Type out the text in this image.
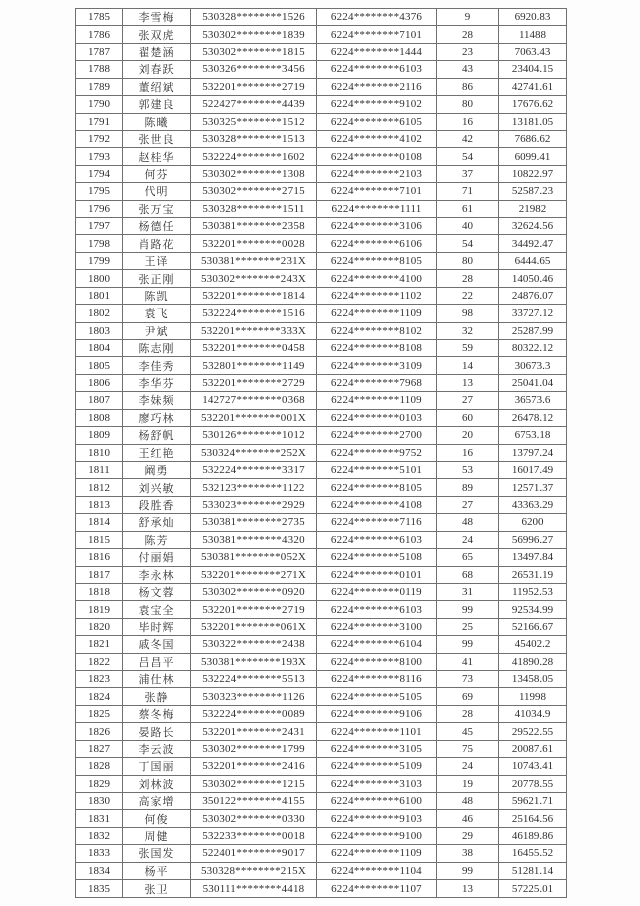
1785	李雪梅	530328********1526	6224********4376	9	6920.83
1786	张双虎	530302********1839	6224********7101	28	11488
1787	翟楚涵	530302********1815	6224********1444	23	7063.43
1788	刘春跃	530326********3456	6224********6103	43	23404.15
1789	董绍斌	532201********2719	6224********2116	86	42741.61
1790	郭建良	522427********4439	6224********9102	80	17676.62
1791	陈曦	530325********1512	6224********6105	16	13181.05
1792	张世良	530328********1513	6224********4102	42	7686.62
1793	赵桂华	532224********1602	6224********0108	54	6099.41
1794	何芬	530302********1308	6224********2103	37	10822.97
1795	代明	530302********2715	6224********7101	71	52587.23
1796	张万宝	530328********1511	6224********1111	61	21982
1797	杨德任	530381********2358	6224********3106	40	32624.56
1798	肖路花	532201********0028	6224********6106	54	34492.47
1799	王译	530381********231X	6224********8105	80	6444.65
1800	张正刚	530302********243X	6224********4100	28	14050.46
1801	陈凯	532201********1814	6224********1102	22	24876.07
1802	袁飞	532224********1516	6224********1109	98	33727.12
1803	尹斌	532201********333X	6224********8102	32	25287.99
1804	陈志刚	532201********0458	6224********8108	59	80322.12
1805	李佳秀	532801********1149	6224********3109	14	30673.3
1806	李华芬	532201********2729	6224********7968	13	25041.04
1807	李妹频	142727********0368	6224********1109	27	36573.6
1808	廖巧林	532201********001X	6224********0103	60	26478.12
1809	杨舒帆	530126********1012	6224********2700	20	6753.18
1810	王红艳	530324********252X	6224********9752	16	13797.24
1811	阚勇	532224********3317	6224********5101	53	16017.49
1812	刘兴敏	532123********1122	6224********8105	89	12571.37
1813	段胜香	533023********2929	6224********4108	27	43363.29
1814	舒承灿	530381********2735	6224********7116	48	6200
1815	陈芳	530381********4320	6224********6103	24	56996.27
1816	付丽娟	530381********052X	6224********5108	65	13497.84
1817	李永林	532201********271X	6224********0101	68	26531.19
1818	杨文蓉	530302********0920	6224********0119	31	11952.53
1819	袁宝全	532201********2719	6224********6103	99	92534.99
1820	毕时辉	532201********061X	6224********3100	25	52166.67
1821	戚冬国	530322********2438	6224********6104	99	45402.2
1822	吕昌平	530381********193X	6224********8100	41	41890.28
1823	浦仕林	532224********5513	6224********8116	73	13458.05
1824	张静	530323********1126	6224********5105	69	11998
1825	蔡冬梅	532224********0089	6224********9106	28	41034.9
1826	晏路长	532201********2431	6224********1101	45	29522.55
1827	李云波	530302********1799	6224********3105	75	20087.61
1828	丁国丽	532201********2416	6224********5109	24	10743.41
1829	刘林波	530302********1215	6224********3103	19	20778.55
1830	高家增	350122********4155	6224********6100	48	59621.71
1831	何俊	530302********0330	6224********9103	46	25164.56
1832	周健	532233********0018	6224********9100	29	46189.86
1833	张国发	522401********9017	6224********1109	38	16455.52
1834	杨平	530328********215X	6224********1104	99	51281.14
1835	张卫	530111********4418	6224********1107	13	57225.01
